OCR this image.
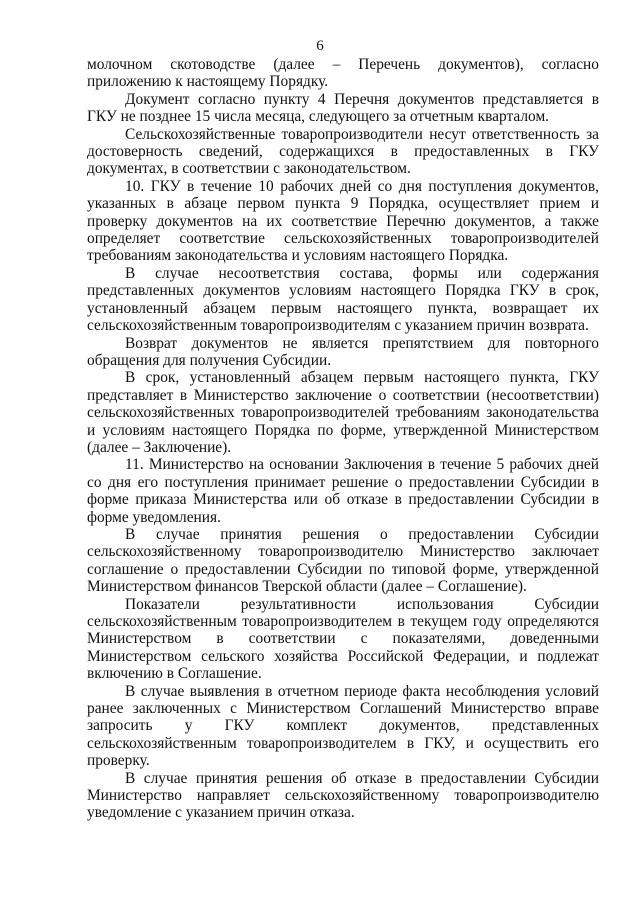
6

молочном скотоводстве (далее – Перечень документов), согласно приложению к настоящему Порядку.

Документ согласно пункту 4 Перечня документов представляется в ГКУ не позднее 15 числа месяца, следующего за отчетным кварталом.

Сельскохозяйственные товаропроизводители несут ответственность за достоверность сведений, содержащихся в предоставленных в ГКУ документах, в соответствии с законодательством.

10. ГКУ в течение 10 рабочих дней со дня поступления документов, указанных в абзаце первом пункта 9 Порядка, осуществляет прием и проверку документов на их соответствие Перечню документов, а также определяет соответствие сельскохозяйственных товаропроизводителей требованиям законодательства и условиям настоящего Порядка.

В случае несоответствия состава, формы или содержания представленных документов условиям настоящего Порядка ГКУ в срок, установленный абзацем первым настоящего пункта, возвращает их сельскохозяйственным товаропроизводителям с указанием причин возврата.

Возврат документов не является препятствием для повторного обращения для получения Субсидии.

В срок, установленный абзацем первым настоящего пункта, ГКУ представляет в Министерство заключение о соответствии (несоответствии) сельскохозяйственных товаропроизводителей требованиям законодательства и условиям настоящего Порядка по форме, утвержденной Министерством (далее – Заключение).

11. Министерство на основании Заключения в течение 5 рабочих дней со дня его поступления принимает решение о предоставлении Субсидии в форме приказа Министерства или об отказе в предоставлении Субсидии в форме уведомления.

В случае принятия решения о предоставлении Субсидии сельскохозяйственному товаропроизводителю Министерство заключает соглашение о предоставлении Субсидии по типовой форме, утвержденной Министерством финансов Тверской области (далее – Соглашение).

Показатели результативности использования Субсидии сельскохозяйственным товаропроизводителем в текущем году определяются Министерством в соответствии с показателями, доведенными Министерством сельского хозяйства Российской Федерации, и подлежат включению в Соглашение.

В случае выявления в отчетном периоде факта несоблюдения условий ранее заключенных с Министерством Соглашений Министерство вправе запросить у ГКУ комплект документов, представленных сельскохозяйственным товаропроизводителем в ГКУ, и осуществить его проверку.

В случае принятия решения об отказе в предоставлении Субсидии Министерство направляет сельскохозяйственному товаропроизводителю уведомление с указанием причин отказа.
